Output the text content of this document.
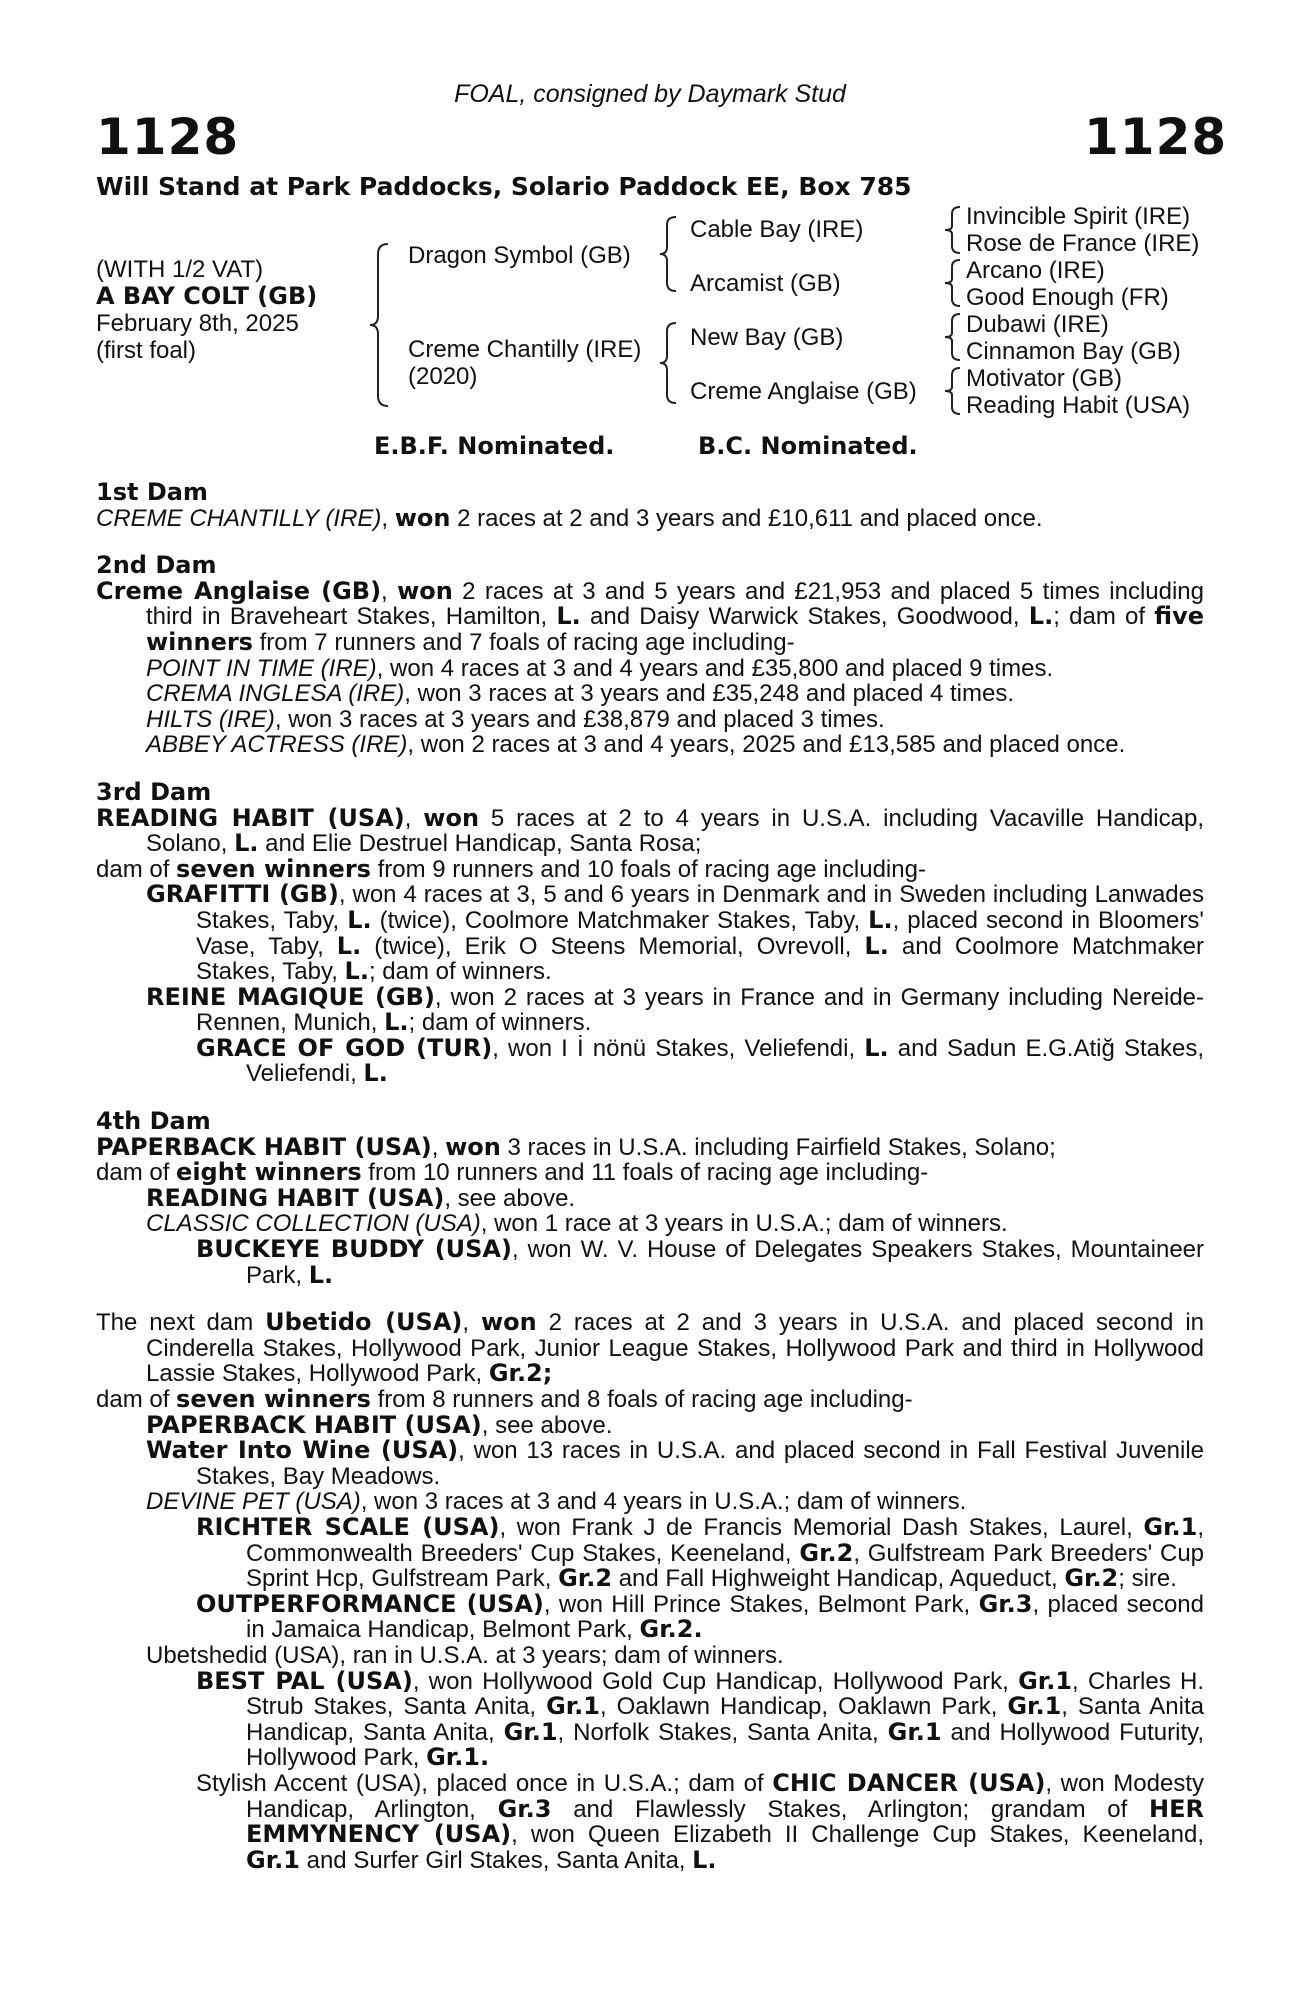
FOAL, consigned by Daymark Stud
1128	1128
Will Stand at Park Paddocks, Solario Paddock EE, Box 785
(WITH 1/2 VAT)
A BAY COLT (GB)
February 8th, 2025
(first foal)
Dragon Symbol (GB)
Creme Chantilly (IRE)
(2020)
Cable Bay (IRE)
Arcamist (GB)
New Bay (GB)
Creme Anglaise (GB)
Invincible Spirit (IRE)
Rose de France (IRE)
Arcano (IRE)
Good Enough (FR)
Dubawi (IRE)
Cinnamon Bay (GB)
Motivator (GB)
Reading Habit (USA)
E.B.F. Nominated.	B.C. Nominated.
1st Dam
CREME CHANTILLY (IRE), won 2 races at 2 and 3 years and £10,611 and placed once.
2nd Dam
Creme Anglaise (GB), won 2 races at 3 and 5 years and £21,953 and placed 5 times including third in Braveheart Stakes, Hamilton, L. and Daisy Warwick Stakes, Goodwood, L.; dam of five winners from 7 runners and 7 foals of racing age including-
POINT IN TIME (IRE), won 4 races at 3 and 4 years and £35,800 and placed 9 times.
CREMA INGLESA (IRE), won 3 races at 3 years and £35,248 and placed 4 times.
HILTS (IRE), won 3 races at 3 years and £38,879 and placed 3 times.
ABBEY ACTRESS (IRE), won 2 races at 3 and 4 years, 2025 and £13,585 and placed once.
3rd Dam
READING HABIT (USA), won 5 races at 2 to 4 years in U.S.A. including Vacaville Handicap, Solano, L. and Elie Destruel Handicap, Santa Rosa;
dam of seven winners from 9 runners and 10 foals of racing age including-
GRAFITTI (GB), won 4 races at 3, 5 and 6 years in Denmark and in Sweden including Lanwades Stakes, Taby, L. (twice), Coolmore Matchmaker Stakes, Taby, L., placed second in Bloomers' Vase, Taby, L. (twice), Erik O Steens Memorial, Ovrevoll, L. and Coolmore Matchmaker Stakes, Taby, L.; dam of winners.
REINE MAGIQUE (GB), won 2 races at 3 years in France and in Germany including Nereide-Rennen, Munich, L.; dam of winners.
GRACE OF GOD (TUR), won I İ nönü Stakes, Veliefendi, L. and Sadun E.G.Atiğ Stakes, Veliefendi, L.
4th Dam
PAPERBACK HABIT (USA), won 3 races in U.S.A. including Fairfield Stakes, Solano;
dam of eight winners from 10 runners and 11 foals of racing age including-
READING HABIT (USA), see above.
CLASSIC COLLECTION (USA), won 1 race at 3 years in U.S.A.; dam of winners.
BUCKEYE BUDDY (USA), won W. V. House of Delegates Speakers Stakes, Mountaineer Park, L.
The next dam Ubetido (USA), won 2 races at 2 and 3 years in U.S.A. and placed second in Cinderella Stakes, Hollywood Park, Junior League Stakes, Hollywood Park and third in Hollywood Lassie Stakes, Hollywood Park, Gr.2;
dam of seven winners from 8 runners and 8 foals of racing age including-
PAPERBACK HABIT (USA), see above.
Water Into Wine (USA), won 13 races in U.S.A. and placed second in Fall Festival Juvenile Stakes, Bay Meadows.
DEVINE PET (USA), won 3 races at 3 and 4 years in U.S.A.; dam of winners.
RICHTER SCALE (USA), won Frank J de Francis Memorial Dash Stakes, Laurel, Gr.1, Commonwealth Breeders' Cup Stakes, Keeneland, Gr.2, Gulfstream Park Breeders' Cup Sprint Hcp, Gulfstream Park, Gr.2 and Fall Highweight Handicap, Aqueduct, Gr.2; sire.
OUTPERFORMANCE (USA), won Hill Prince Stakes, Belmont Park, Gr.3, placed second in Jamaica Handicap, Belmont Park, Gr.2.
Ubetshedid (USA), ran in U.S.A. at 3 years; dam of winners.
BEST PAL (USA), won Hollywood Gold Cup Handicap, Hollywood Park, Gr.1, Charles H. Strub Stakes, Santa Anita, Gr.1, Oaklawn Handicap, Oaklawn Park, Gr.1, Santa Anita Handicap, Santa Anita, Gr.1, Norfolk Stakes, Santa Anita, Gr.1 and Hollywood Futurity, Hollywood Park, Gr.1.
Stylish Accent (USA), placed once in U.S.A.; dam of CHIC DANCER (USA), won Modesty Handicap, Arlington, Gr.3 and Flawlessly Stakes, Arlington; grandam of HER EMMYNENCY (USA), won Queen Elizabeth II Challenge Cup Stakes, Keeneland, Gr.1 and Surfer Girl Stakes, Santa Anita, L.
